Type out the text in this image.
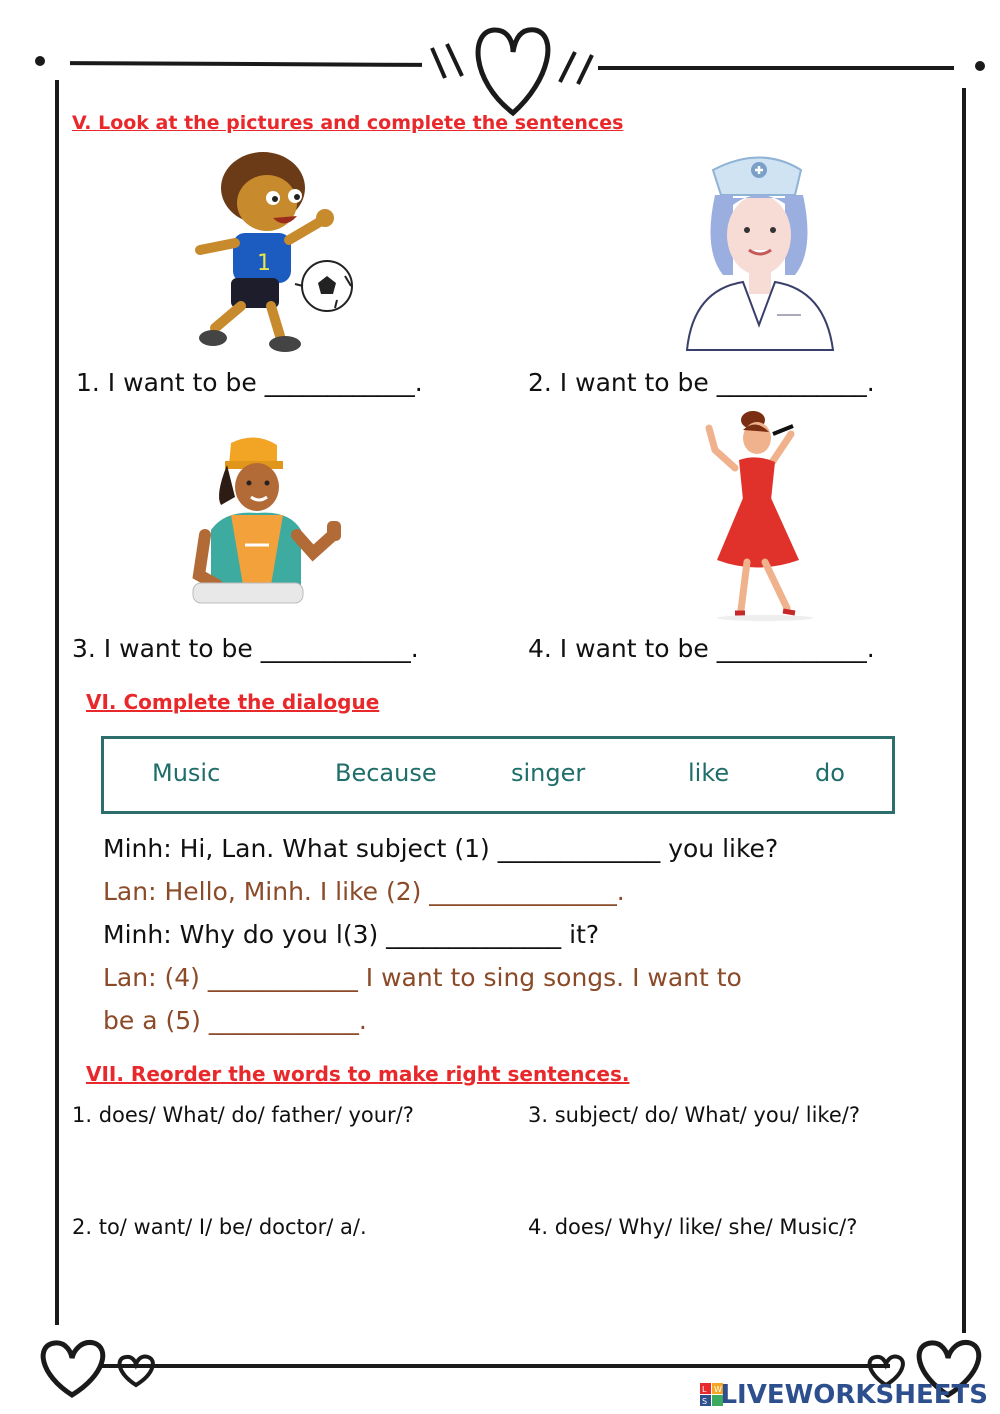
V. Look at the pictures and complete the sentences
1
1. I want to be ____________.	2. I want to be ____________.
3. I want to be ____________.	4. I want to be ____________.
VI. Complete the dialogue
Music	Because	singer	like	do
Minh: Hi, Lan. What subject (1) _____________ you like?
Lan: Hello, Minh. I like (2) _______________.
Minh: Why do you l(3) ______________ it?
Lan: (4) ____________ I want to sing songs. I want to
be a (5) ____________.
VII. Reorder the words to make right sentences.
1. does/ What/ do/ father/ your/?	3. subject/ do/ What/ you/ like/?
2. to/ want/ I/ be/ doctor/ a/.	4. does/ Why/ like/ she/ Music/?
L W
S LIVEWORKSHEETS
